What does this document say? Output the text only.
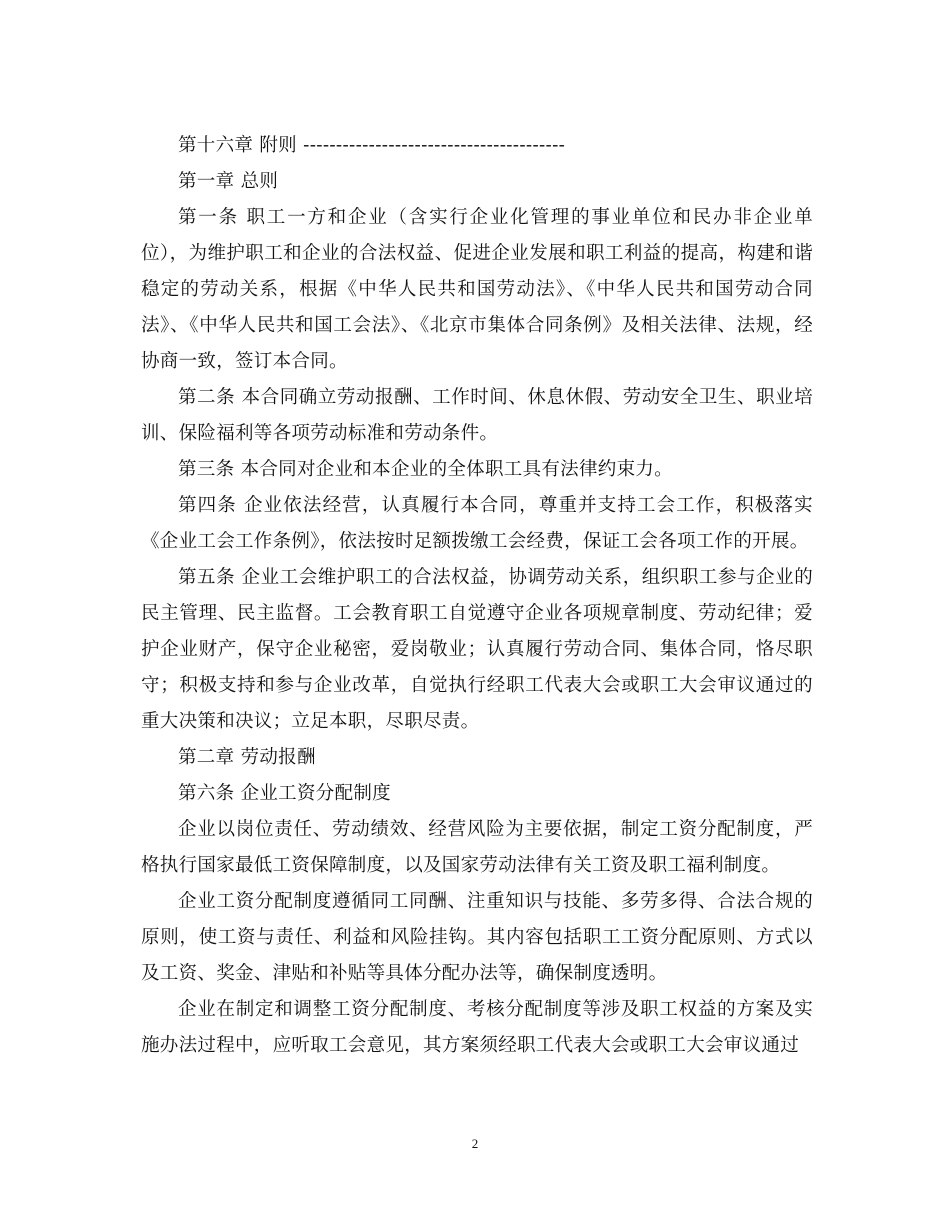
第十六章 附则 ----------------------------------------

第一章 总则

第一条 职工一方和企业（含实行企业化管理的事业单位和民办非企业单位），为维护职工和企业的合法权益、促进企业发展和职工利益的提高，构建和谐稳定的劳动关系，根据《中华人民共和国劳动法》、《中华人民共和国劳动合同法》、《中华人民共和国工会法》、《北京市集体合同条例》及相关法律、法规，经协商一致，签订本合同。

第二条 本合同确立劳动报酬、工作时间、休息休假、劳动安全卫生、职业培训、保险福利等各项劳动标准和劳动条件。

第三条 本合同对企业和本企业的全体职工具有法律约束力。

第四条 企业依法经营，认真履行本合同，尊重并支持工会工作，积极落实《企业工会工作条例》，依法按时足额拨缴工会经费，保证工会各项工作的开展。

第五条 企业工会维护职工的合法权益，协调劳动关系，组织职工参与企业的民主管理、民主监督。工会教育职工自觉遵守企业各项规章制度、劳动纪律；爱护企业财产，保守企业秘密，爱岗敬业；认真履行劳动合同、集体合同，恪尽职守；积极支持和参与企业改革，自觉执行经职工代表大会或职工大会审议通过的重大决策和决议；立足本职，尽职尽责。

第二章 劳动报酬

第六条 企业工资分配制度

企业以岗位责任、劳动绩效、经营风险为主要依据，制定工资分配制度，严格执行国家最低工资保障制度，以及国家劳动法律有关工资及职工福利制度。

企业工资分配制度遵循同工同酬、注重知识与技能、多劳多得、合法合规的原则，使工资与责任、利益和风险挂钩。其内容包括职工工资分配原则、方式以及工资、奖金、津贴和补贴等具体分配办法等，确保制度透明。

企业在制定和调整工资分配制度、考核分配制度等涉及职工权益的方案及实施办法过程中，应听取工会意见，其方案须经职工代表大会或职工大会审议通过

2
